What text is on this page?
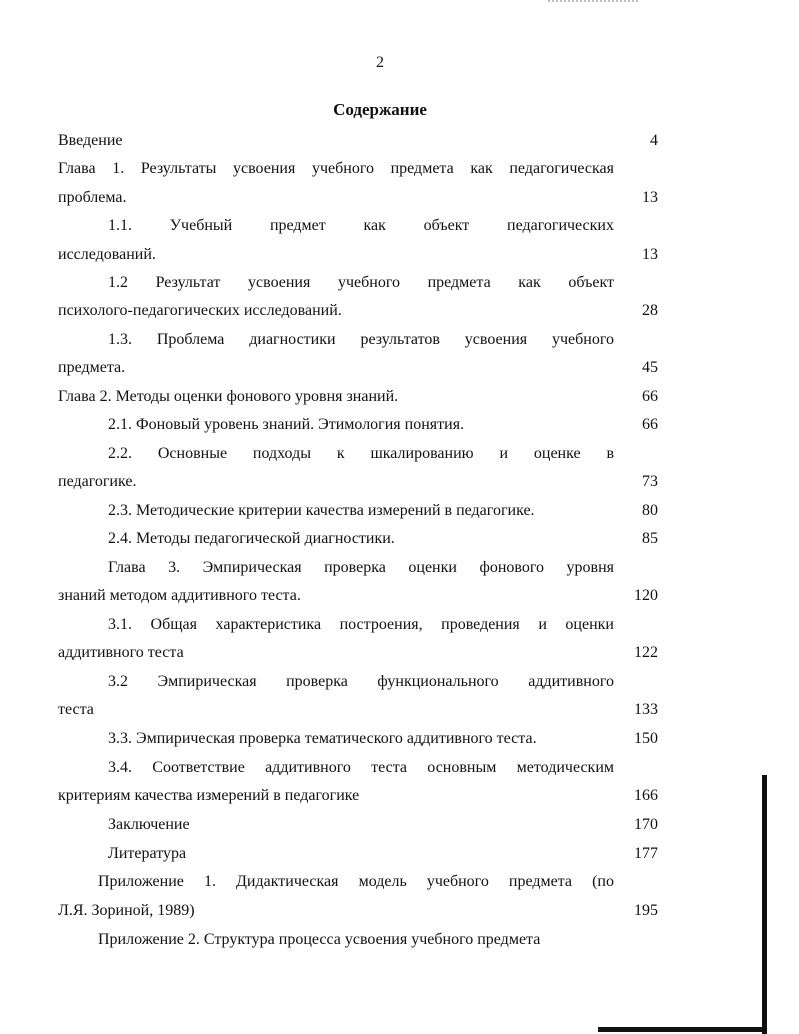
2
Содержание
Введение	4
Глава 1. Результаты усвоения учебного предмета как педагогическая
проблема.	13
1.1. Учебный предмет как объект педагогических
исследований.	13
1.2 Результат усвоения учебного предмета как объект
психолого-педагогических исследований.	28
1.3. Проблема диагностики результатов усвоения учебного
предмета.	45
Глава 2. Методы оценки фонового уровня знаний.	66
2.1. Фоновый уровень знаний. Этимология понятия.	66
2.2. Основные подходы к шкалированию и оценке в
педагогике.	73
2.3. Методические критерии качества измерений в педагогике.	80
2.4. Методы педагогической диагностики.	85
Глава 3. Эмпирическая проверка оценки фонового уровня
знаний методом аддитивного теста.	120
3.1. Общая характеристика построения, проведения и оценки
аддитивного теста	122
3.2 Эмпирическая проверка функционального аддитивного
теста	133
3.3. Эмпирическая проверка тематического аддитивного теста.	150
3.4. Соответствие аддитивного теста основным методическим
критериям качества измерений в педагогике	166
Заключение	170
Литература	177
Приложение 1. Дидактическая модель учебного предмета (по
Л.Я. Зориной, 1989)	195
Приложение 2. Структура процесса усвоения учебного предмета
